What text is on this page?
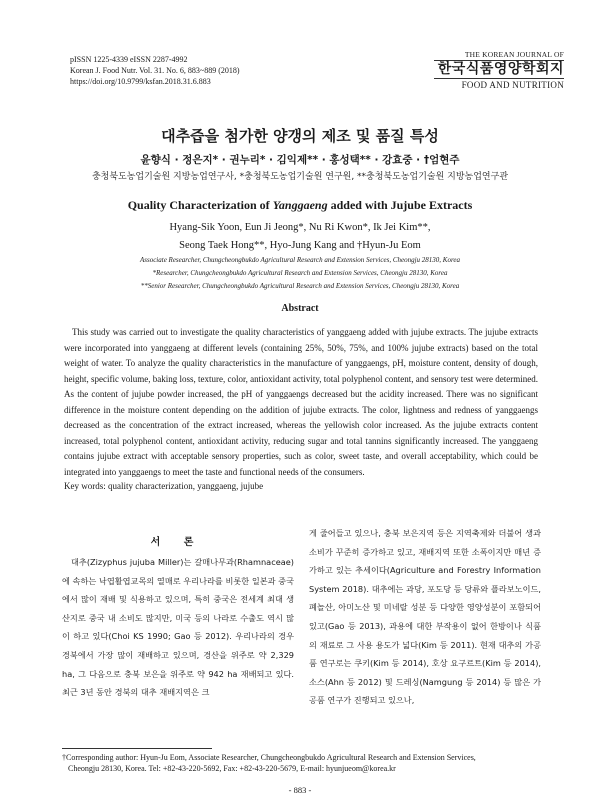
pISSN 1225-4339 eISSN 2287-4992
Korean J. Food Nutr. Vol. 31. No. 6, 883~889 (2018)
https://doi.org/10.9799/ksfan.2018.31.6.883
THE KOREAN JOURNAL OF
한국식품영양학회지
FOOD AND NUTRITION
대추즙을 첨가한 양갱의 제조 및 품질 특성
윤향식 · 정은지* · 권누리* · 김익제** · 홍성택** · 강효중 · †엄현주
충청북도농업기술원 지방농업연구사, *충청북도농업기술원 연구원, **충청북도농업기술원 지방농업연구관
Quality Characterization of Yanggaeng added with Jujube Extracts
Hyang-Sik Yoon, Eun Ji Jeong*, Nu Ri Kwon*, Ik Jei Kim**,
Seong Taek Hong**, Hyo-Jung Kang and †Hyun-Ju Eom
Associate Researcher, Chungcheongbukdo Agricultural Research and Extension Services, Cheongju 28130, Korea
*Researcher, Chungcheongbukdo Agricultural Research and Extension Services, Cheongju 28130, Korea
**Senior Researcher, Chungcheongbukdo Agricultural Research and Extension Services, Cheongju 28130, Korea
Abstract

This study was carried out to investigate the quality characteristics of yanggaeng added with jujube extracts. The jujube extracts were incorporated into yanggaeng at different levels (containing 25%, 50%, 75%, and 100% jujube extracts) based on the total weight of water. To analyze the quality characteristics in the manufacture of yanggaengs, pH, moisture content, density of dough, height, specific volume, baking loss, texture, color, antioxidant activity, total polyphenol content, and sensory test were determined. As the content of jujube powder increased, the pH of yanggaengs decreased but the acidity increased. There was no significant difference in the moisture content depending on the addition of jujube extracts. The color, lightness and redness of yanggaengs decreased as the concentration of the extract increased, whereas the yellowish color increased. As the jujube extracts content increased, total polyphenol content, antioxidant activity, reducing sugar and total tannins significantly increased. The yanggaeng contains jujube extract with acceptable sensory properties, such as color, sweet taste, and overall acceptability, which could be integrated into yanggaengs to meet the taste and functional needs of the consumers.

Key words: quality characterization, yanggaeng, jujube
서 론

대추(Zizyphus jujuba Miller)는 갈매나무과(Rhamnaceae)에 속하는 낙엽활엽교목의 열매로 우리나라를 비롯한 일본과 중국에서 많이 재배 및 식용하고 있으며, 특히 중국은 전세계 최대 생산지로 중국 내 소비도 많지만, 미국 등의 나라로 수출도 역시 많이 하고 있다(Choi KS 1990; Gao 등 2012). 우리나라의 경우 경북에서 가장 많이 재배하고 있으며, 경산을 위주로 약 2,329 ha, 그 다음으로 충북 보은을 위주로 약 942 ha 재배되고 있다. 최근 3년 동안 경북의 대추 재배지역은 크

게 줄어들고 있으나, 충북 보은지역 등은 지역축제와 더불어 생과 소비가 꾸준히 증가하고 있고, 재배지역 또한 소폭이지만 매년 증가하고 있는 추세이다(Agriculture and Forestry Information System 2018). 대추에는 과당, 포도당 등 당류와 플라보노이드, 폐놀산, 아미노산 및 미네랄 성분 등 다양한 영양성분이 포함되어 있고(Gao 등 2013), 과용에 대한 부작용이 없어 한방이나 식품의 재료로 그 사용 용도가 넓다(Kim 등 2011). 현재 대추의 가공품 연구로는 쿠키(Kim 등 2014), 호상 요구르트(Kim 등 2014), 소스(Ahn 등 2012) 및 드레싱(Namgung 등 2014) 등 많은 가공품 연구가 진행되고 있으나,

†Corresponding author: Hyun-Ju Eom, Associate Researcher, Chungcheongbukdo Agricultural Research and Extension Services,
Cheongju 28130, Korea. Tel: +82-43-220-5692, Fax: +82-43-220-5679, E-mail: hyunjueom@korea.kr
- 883 -
